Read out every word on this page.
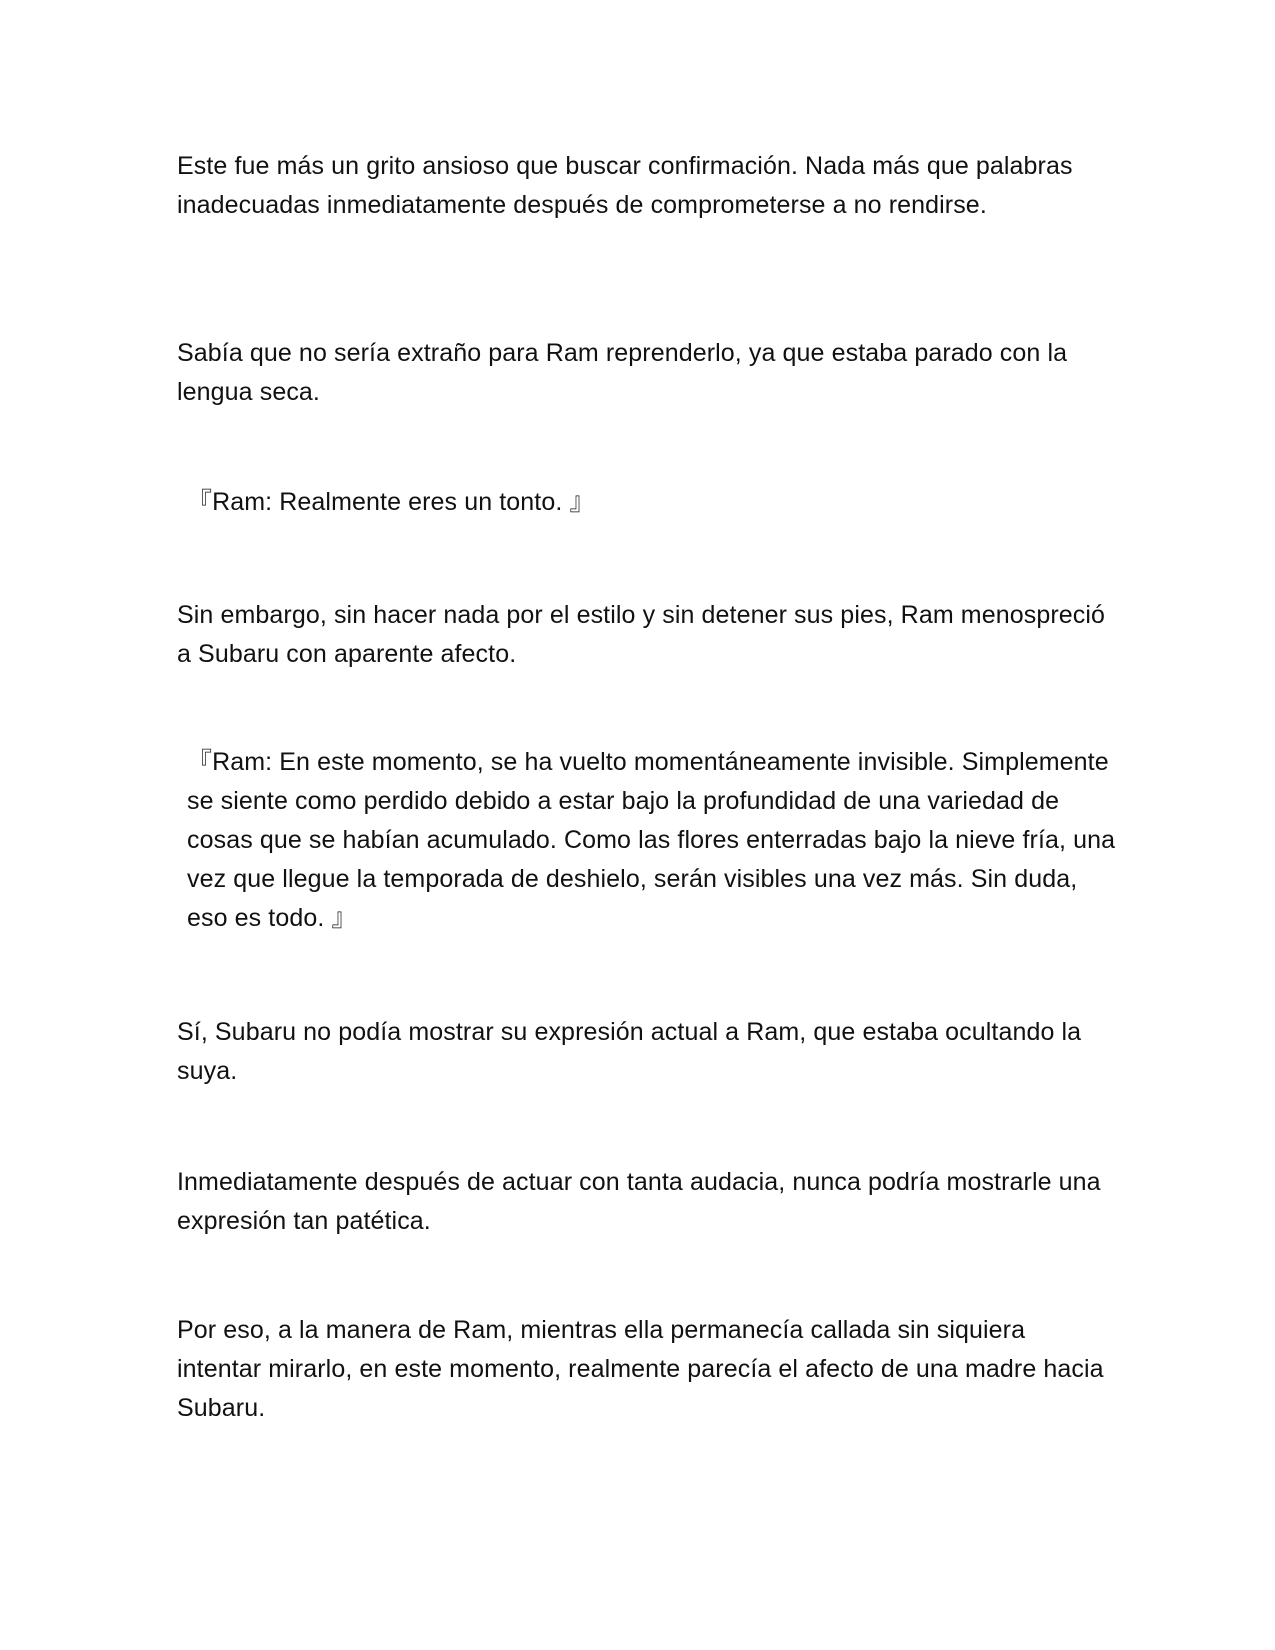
Este fue más un grito ansioso que buscar confirmación. Nada más que palabras inadecuadas inmediatamente después de comprometerse a no rendirse.

Sabía que no sería extraño para Ram reprenderlo, ya que estaba parado con la lengua seca.

『Ram: Realmente eres un tonto. 』

Sin embargo, sin hacer nada por el estilo y sin detener sus pies, Ram menospreció a Subaru con aparente afecto.

『Ram: En este momento, se ha vuelto momentáneamente invisible. Simplemente se siente como perdido debido a estar bajo la profundidad de una variedad de cosas que se habían acumulado. Como las flores enterradas bajo la nieve fría, una vez que llegue la temporada de deshielo, serán visibles una vez más. Sin duda, eso es todo. 』

Sí, Subaru no podía mostrar su expresión actual a Ram, que estaba ocultando la suya.

Inmediatamente después de actuar con tanta audacia, nunca podría mostrarle una expresión tan patética.

Por eso, a la manera de Ram, mientras ella permanecía callada sin siquiera intentar mirarlo, en este momento, realmente parecía el afecto de una madre hacia Subaru.
